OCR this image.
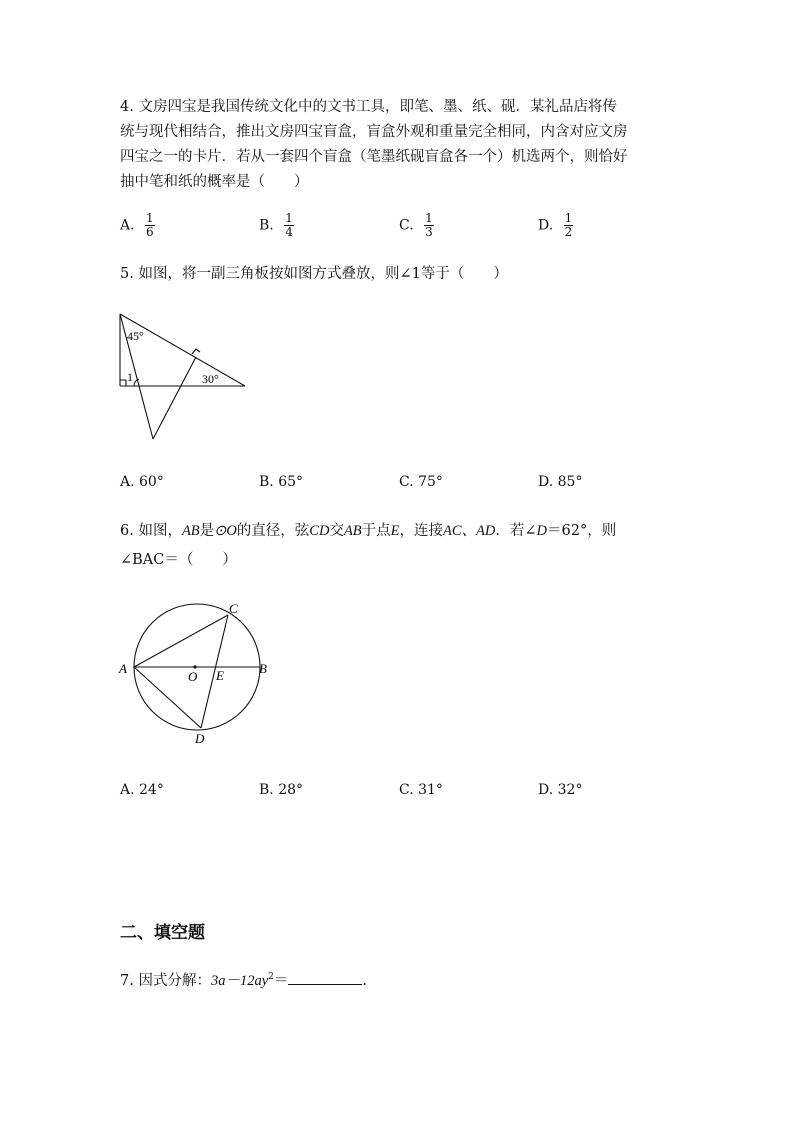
4. 文房四宝是我国传统文化中的文书工具，即笔、墨、纸、砚．某礼品店将传
统与现代相结合，推出文房四宝盲盒，盲盒外观和重量完全相同，内含对应文房
四宝之一的卡片．若从一套四个盲盒（笔墨纸砚盲盒各一个）机选两个，则恰好
抽中笔和纸的概率是（　　）
A. $\frac{1}{6}$	B. $\frac{1}{4}$	C. $\frac{1}{3}$	D. $\frac{1}{2}$
5. 如图，将一副三角板按如图方式叠放，则∠1等于（　　）
45°
1	30°
A. 60°	B. 65°	C. 75°	D. 85°
6. 如图，AB是⊙O的直径，弦CD交AB于点E，连接AC、AD．若∠D＝62°，则
∠BAC＝（　　）
A	B
C
D
E
O
A. 24°	B. 28°	C. 31°	D. 32°
二、填空题
7. 因式分解：$3a-12ay^2=$	.
